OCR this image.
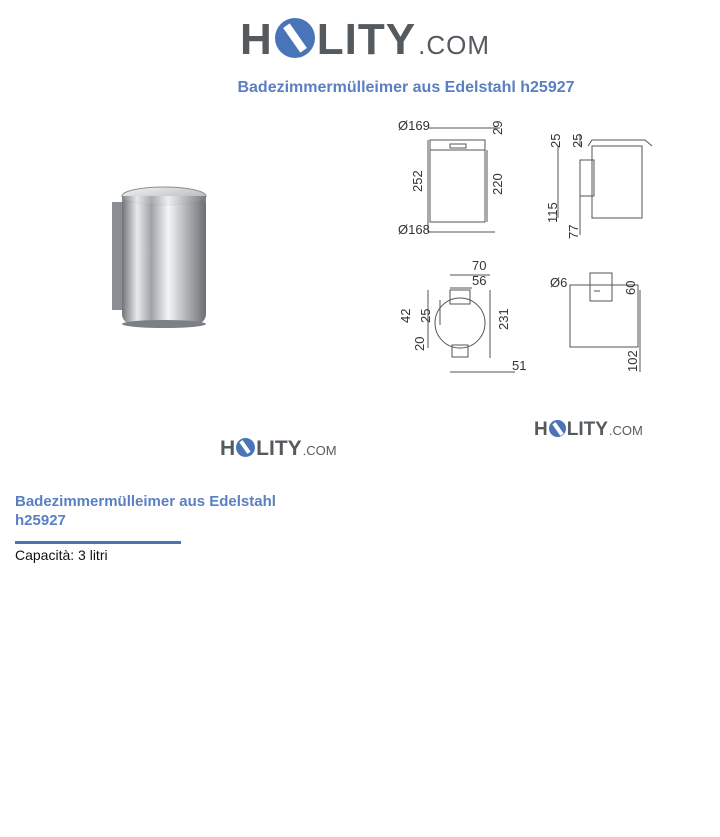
H LITY .COM
Badezimmermülleimer aus Edelstahl h25927
Ø169	29
252	220
Ø168
25 25
115
77
70
56
42 25	231
20
51
Ø6	60
102
H LITY .COM
H LITY .COM
Badezimmermülleimer aus Edelstahl h25927
Capacità: 3 litri
